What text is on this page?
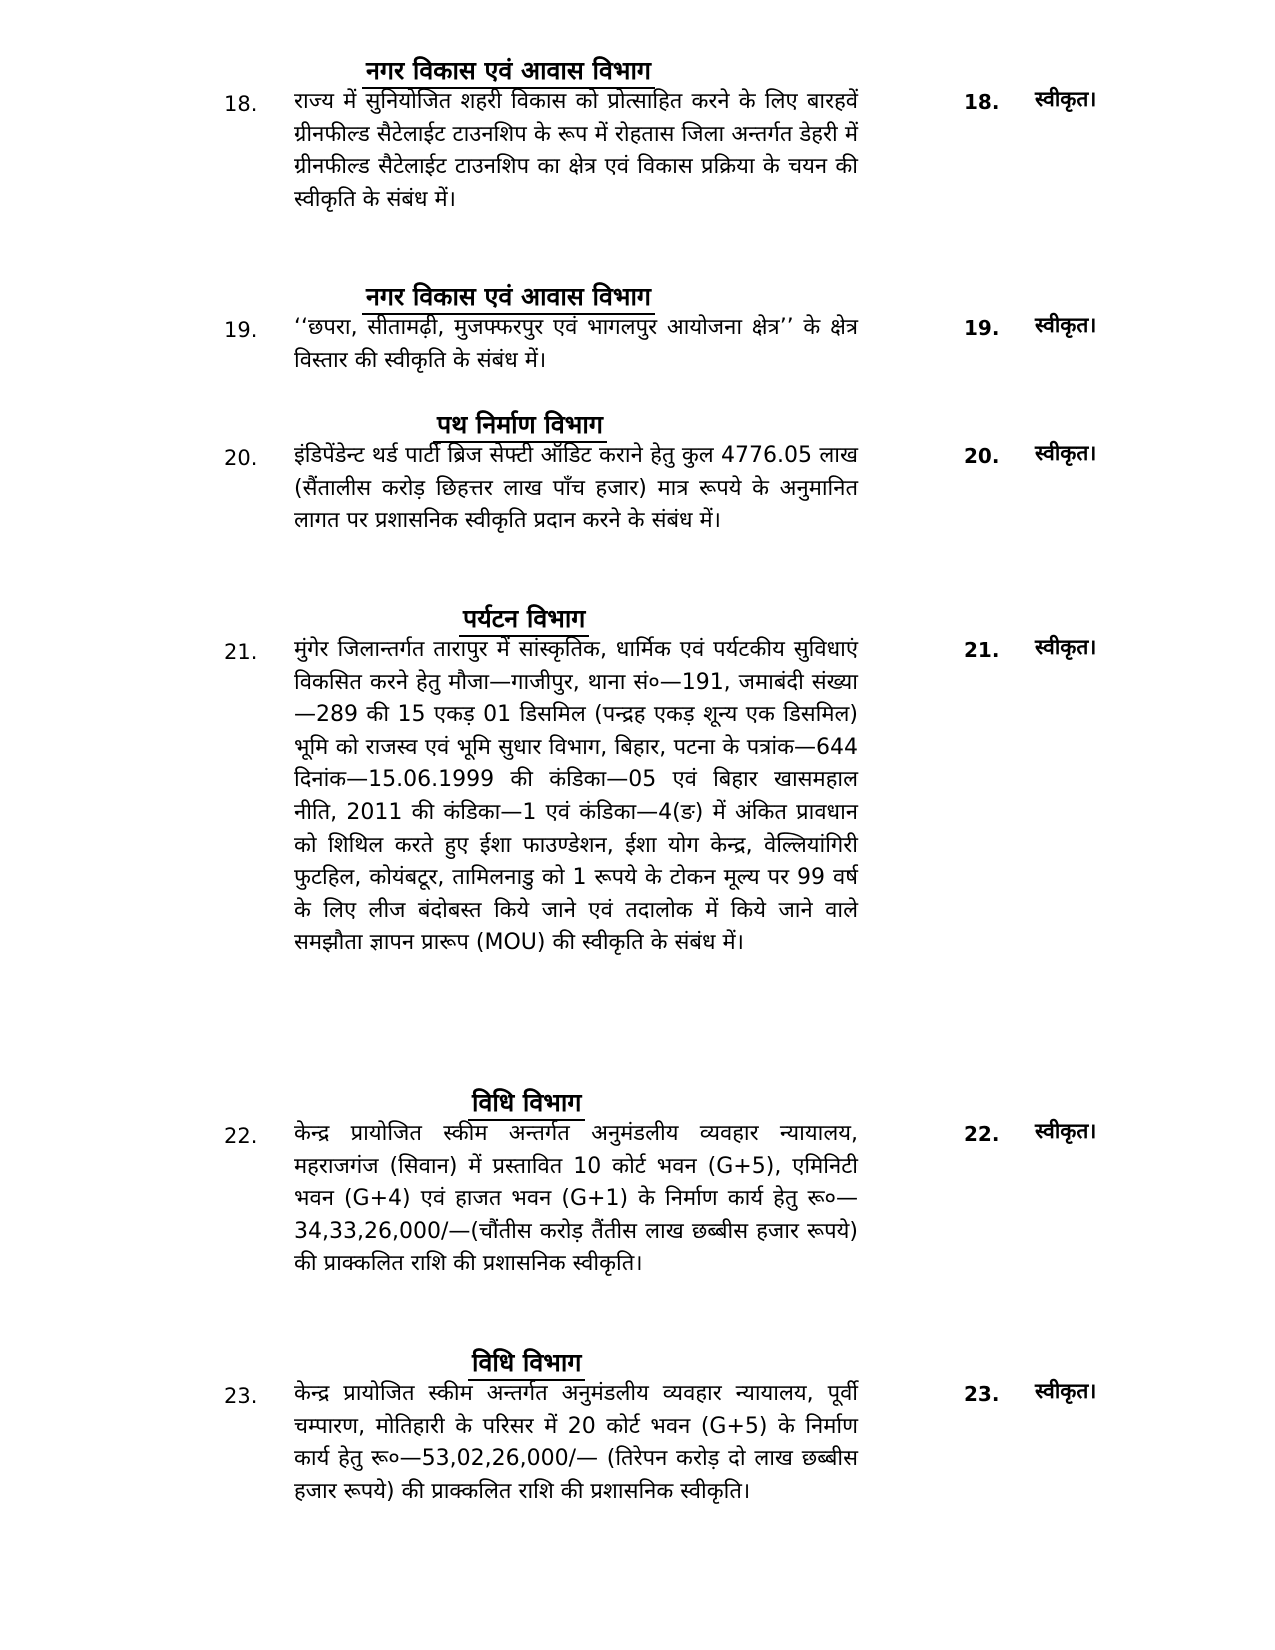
नगर विकास एवं आवास विभाग
18. राज्य में सुनियोजित शहरी विकास को प्रोत्साहित करने के लिए बारहवें ग्रीनफील्ड सैटेलाईट टाउनशिप के रूप में रोहतास जिला अन्तर्गत डेहरी में ग्रीनफील्ड सैटेलाईट टाउनशिप का क्षेत्र एवं विकास प्रक्रिया के चयन की स्वीकृति के संबंध में।
18. स्वीकृत।
नगर विकास एवं आवास विभाग
19. ‘‘छपरा, सीतामढ़ी, मुजफ्फरपुर एवं भागलपुर आयोजना क्षेत्र’’ के क्षेत्र विस्तार की स्वीकृति के संबंध में।
19. स्वीकृत।
पथ निर्माण विभाग
20. इंडिपेंडेन्ट थर्ड पार्टी ब्रिज सेफ्टी ऑडिट कराने हेतु कुल 4776.05 लाख (सैंतालीस करोड़ छिहत्तर लाख पाँच हजार) मात्र रूपये के अनुमानित लागत पर प्रशासनिक स्वीकृति प्रदान करने के संबंध में।
20. स्वीकृत।
पर्यटन विभाग
21. मुंगेर जिलान्तर्गत तारापुर में सांस्कृतिक, धार्मिक एवं पर्यटकीय सुविधाएं विकसित करने हेतु मौजा—गाजीपुर, थाना सं०—191, जमाबंदी संख्या—289 की 15 एकड़ 01 डिसमिल (पन्द्रह एकड़ शून्य एक डिसमिल) भूमि को राजस्व एवं भूमि सुधार विभाग, बिहार, पटना के पत्रांक—644 दिनांक—15.06.1999 की कंडिका—05 एवं बिहार खासमहाल नीति, 2011 की कंडिका—1 एवं कंडिका—4(ङ) में अंकित प्रावधान को शिथिल करते हुए ईशा फाउण्डेशन, ईशा योग केन्द्र, वेल्लियांगिरी फुटहिल, कोयंबटूर, तामिलनाडु को 1 रूपये के टोकन मूल्य पर 99 वर्ष के लिए लीज बंदोबस्त किये जाने एवं तदालोक में किये जाने वाले समझौता ज्ञापन प्रारूप (MOU) की स्वीकृति के संबंध में।
21. स्वीकृत।
विधि विभाग
22. केन्द्र प्रायोजित स्कीम अन्तर्गत अनुमंडलीय व्यवहार न्यायालय, महराजगंज (सिवान) में प्रस्तावित 10 कोर्ट भवन (G+5), एमिनिटी भवन (G+4) एवं हाजत भवन (G+1) के निर्माण कार्य हेतु रू०—34,33,26,000/—(चौंतीस करोड़ तैंतीस लाख छब्बीस हजार रूपये) की प्राक्कलित राशि की प्रशासनिक स्वीकृति।
22. स्वीकृत।
विधि विभाग
23. केन्द्र प्रायोजित स्कीम अन्तर्गत अनुमंडलीय व्यवहार न्यायालय, पूर्वी चम्पारण, मोतिहारी के परिसर में 20 कोर्ट भवन (G+5) के निर्माण कार्य हेतु रू०—53,02,26,000/— (तिरेपन करोड़ दो लाख छब्बीस हजार रूपये) की प्राक्कलित राशि की प्रशासनिक स्वीकृति।
23. स्वीकृत।
